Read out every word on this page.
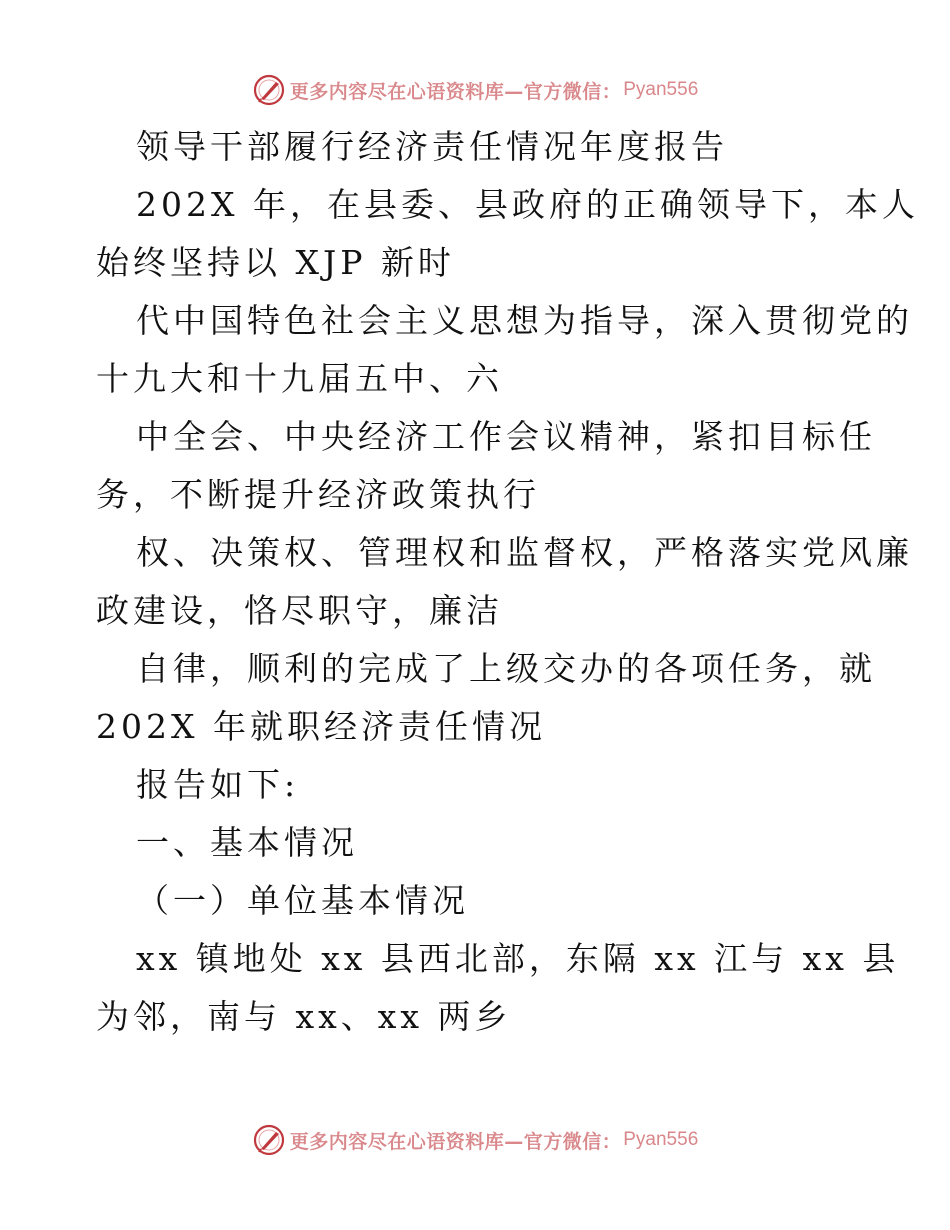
更多内容尽在心语资料库—官方微信： Pyan556

领导干部履行经济责任情况年度报告

202X 年，在县委、县政府的正确领导下，本人

始终坚持以 XJP 新时

代中国特色社会主义思想为指导，深入贯彻党的

十九大和十九届五中、六

中全会、中央经济工作会议精神，紧扣目标任

务，不断提升经济政策执行

权、决策权、管理权和监督权，严格落实党风廉

政建设，恪尽职守，廉洁

自律，顺利的完成了上级交办的各项任务，就

202X 年就职经济责任情况

报告如下:

一、基本情况

（一）单位基本情况

xx 镇地处 xx 县西北部，东隔 xx 江与 xx 县

为邻，南与 xx、xx 两乡

更多内容尽在心语资料库—官方微信： Pyan556
